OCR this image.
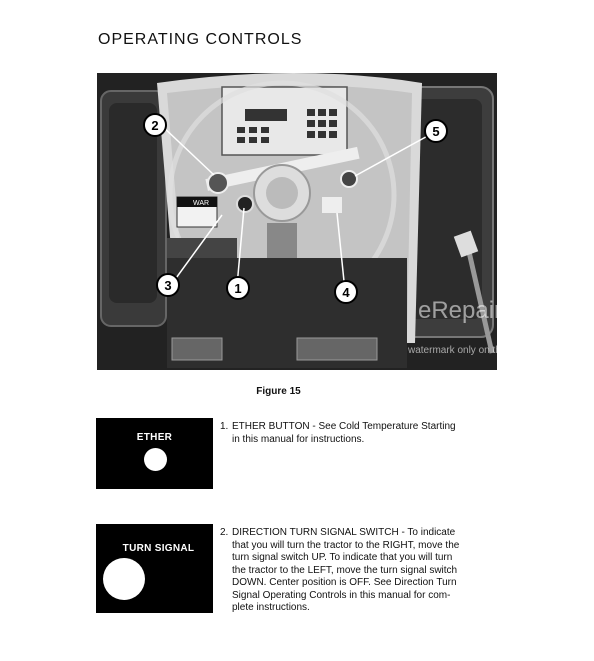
OPERATING CONTROLS
WAR
2	5
3	1	4
eRepairInfo.com
watermark only on this sample
Figure 15
ETHER
1. ETHER BUTTON - See Cold Temperature Starting
in this manual for instructions.
TURN SIGNAL
2. DIRECTION TURN SIGNAL SWITCH - To indicate
that you will turn the tractor to the RIGHT, move the
turn signal switch UP. To indicate that you will turn
the tractor to the LEFT, move the turn signal switch
DOWN. Center position is OFF. See Direction Turn
Signal Operating Controls in this manual for com-
plete instructions.
